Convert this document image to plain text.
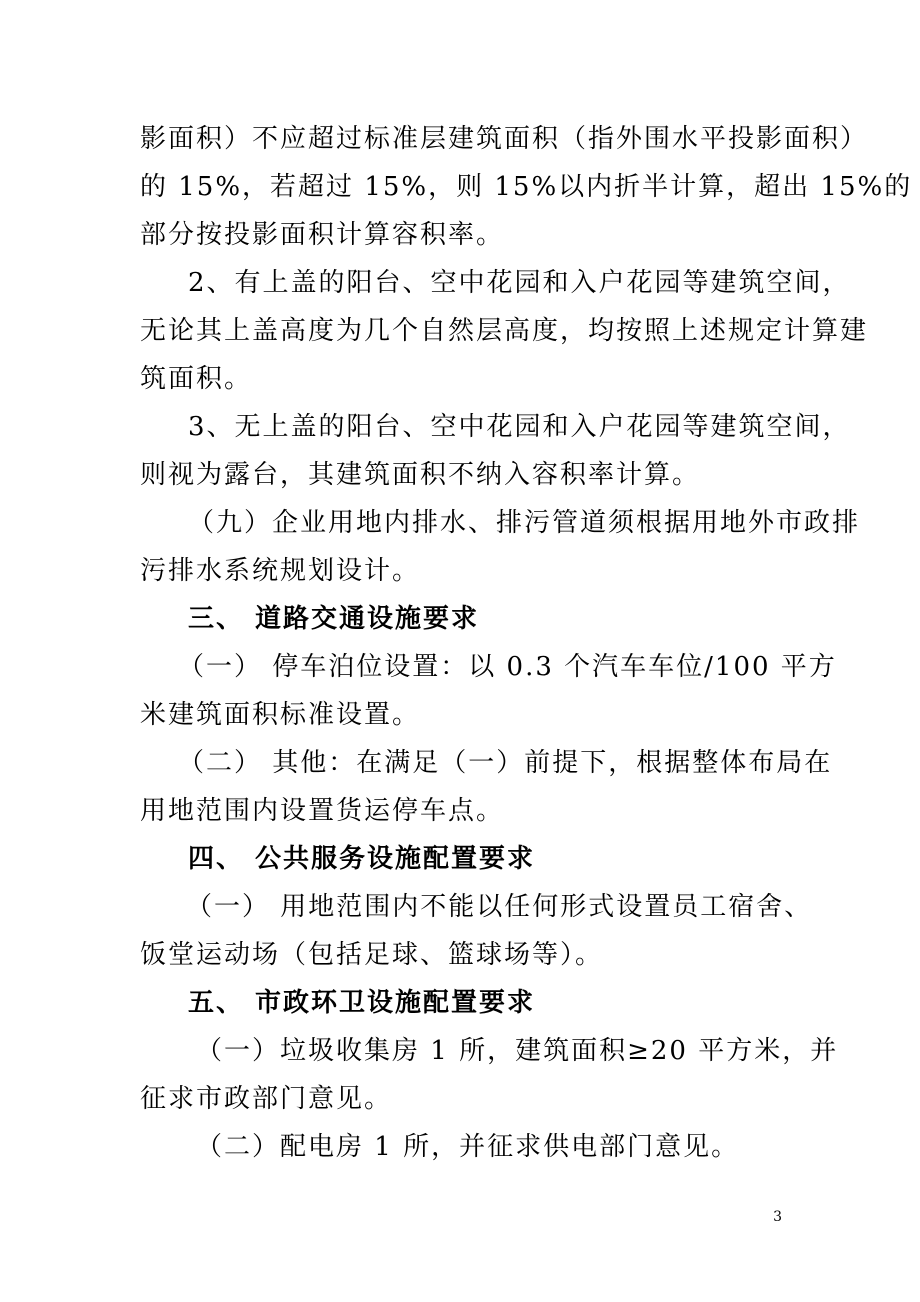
影面积）不应超过标准层建筑面积（指外围水平投影面积）
的 15%，若超过 15%，则 15%以内折半计算，超出 15%的
部分按投影面积计算容积率。
2、有上盖的阳台、空中花园和入户花园等建筑空间，
无论其上盖高度为几个自然层高度，均按照上述规定计算建
筑面积。
3、无上盖的阳台、空中花园和入户花园等建筑空间，
则视为露台，其建筑面积不纳入容积率计算。
（九）企业用地内排水、排污管道须根据用地外市政排
污排水系统规划设计。
三、 道路交通设施要求
（一） 停车泊位设置：以 0.3 个汽车车位/100 平方
米建筑面积标准设置。
（二） 其他：在满足（一）前提下，根据整体布局在
用地范围内设置货运停车点。
四、 公共服务设施配置要求
（一） 用地范围内不能以任何形式设置员工宿舍、
饭堂运动场（包括足球、篮球场等）。
五、 市政环卫设施配置要求
（一）垃圾收集房 1 所，建筑面积≥20 平方米，并
征求市政部门意见。
（二）配电房 1 所，并征求供电部门意见。
3
